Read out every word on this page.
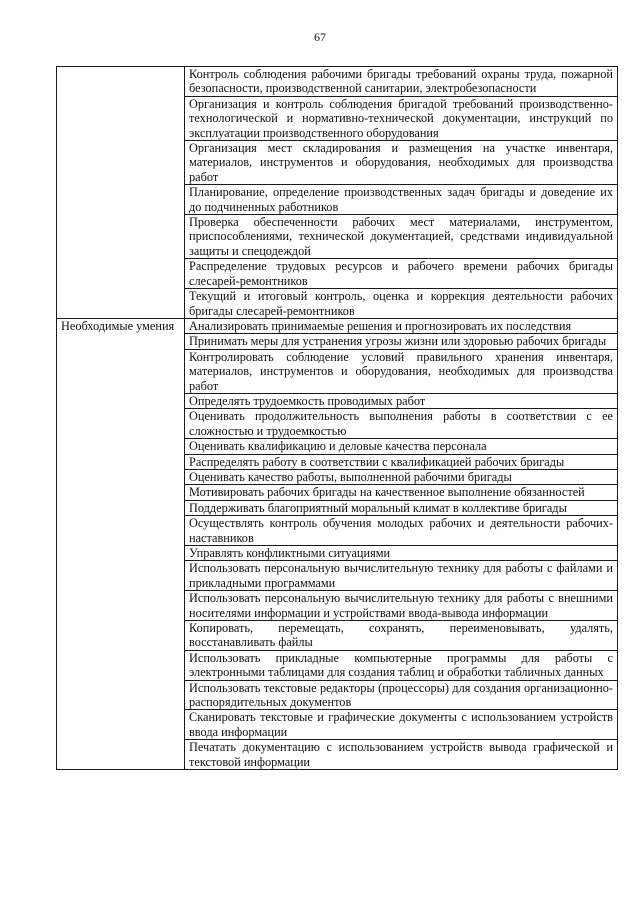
67
	Контроль соблюдения рабочими бригады требований охраны труда, пожарной безопасности, производственной санитарии, электробезопасности
	Организация и контроль соблюдения бригадой требований производственно-технологической и нормативно-технической документации, инструкций по эксплуатации производственного оборудования
	Организация мест складирования и размещения на участке инвентаря, материалов, инструментов и оборудования, необходимых для производства работ
	Планирование, определение производственных задач бригады и доведение их до подчиненных работников
	Проверка обеспеченности рабочих мест материалами, инструментом, приспособлениями, технической документацией, средствами индивидуальной защиты и спецодеждой
	Распределение трудовых ресурсов и рабочего времени рабочих бригады слесарей-ремонтников
	Текущий и итоговый контроль, оценка и коррекция деятельности рабочих бригады слесарей-ремонтников
Необходимые умения	Анализировать принимаемые решения и прогнозировать их последствия
	Принимать меры для устранения угрозы жизни или здоровью рабочих бригады
	Контролировать соблюдение условий правильного хранения инвентаря, материалов, инструментов и оборудования, необходимых для производства работ
	Определять трудоемкость проводимых работ
	Оценивать продолжительность выполнения работы в соответствии с ее сложностью и трудоемкостью
	Оценивать квалификацию и деловые качества персонала
	Распределять работу в соответствии с квалификацией рабочих бригады
	Оценивать качество работы, выполненной рабочими бригады
	Мотивировать рабочих бригады на качественное выполнение обязанностей
	Поддерживать благоприятный моральный климат в коллективе бригады
	Осуществлять контроль обучения молодых рабочих и деятельности рабочих-наставников
	Управлять конфликтными ситуациями
	Использовать персональную вычислительную технику для работы с файлами и прикладными программами
	Использовать персональную вычислительную технику для работы с внешними носителями информации и устройствами ввода-вывода информации
	Копировать, перемещать, сохранять, переименовывать, удалять, восстанавливать файлы
	Использовать прикладные компьютерные программы для работы с электронными таблицами для создания таблиц и обработки табличных данных
	Использовать текстовые редакторы (процессоры) для создания организационно-распорядительных документов
	Сканировать текстовые и графические документы с использованием устройств ввода информации
	Печатать документацию с использованием устройств вывода графической и текстовой информации
